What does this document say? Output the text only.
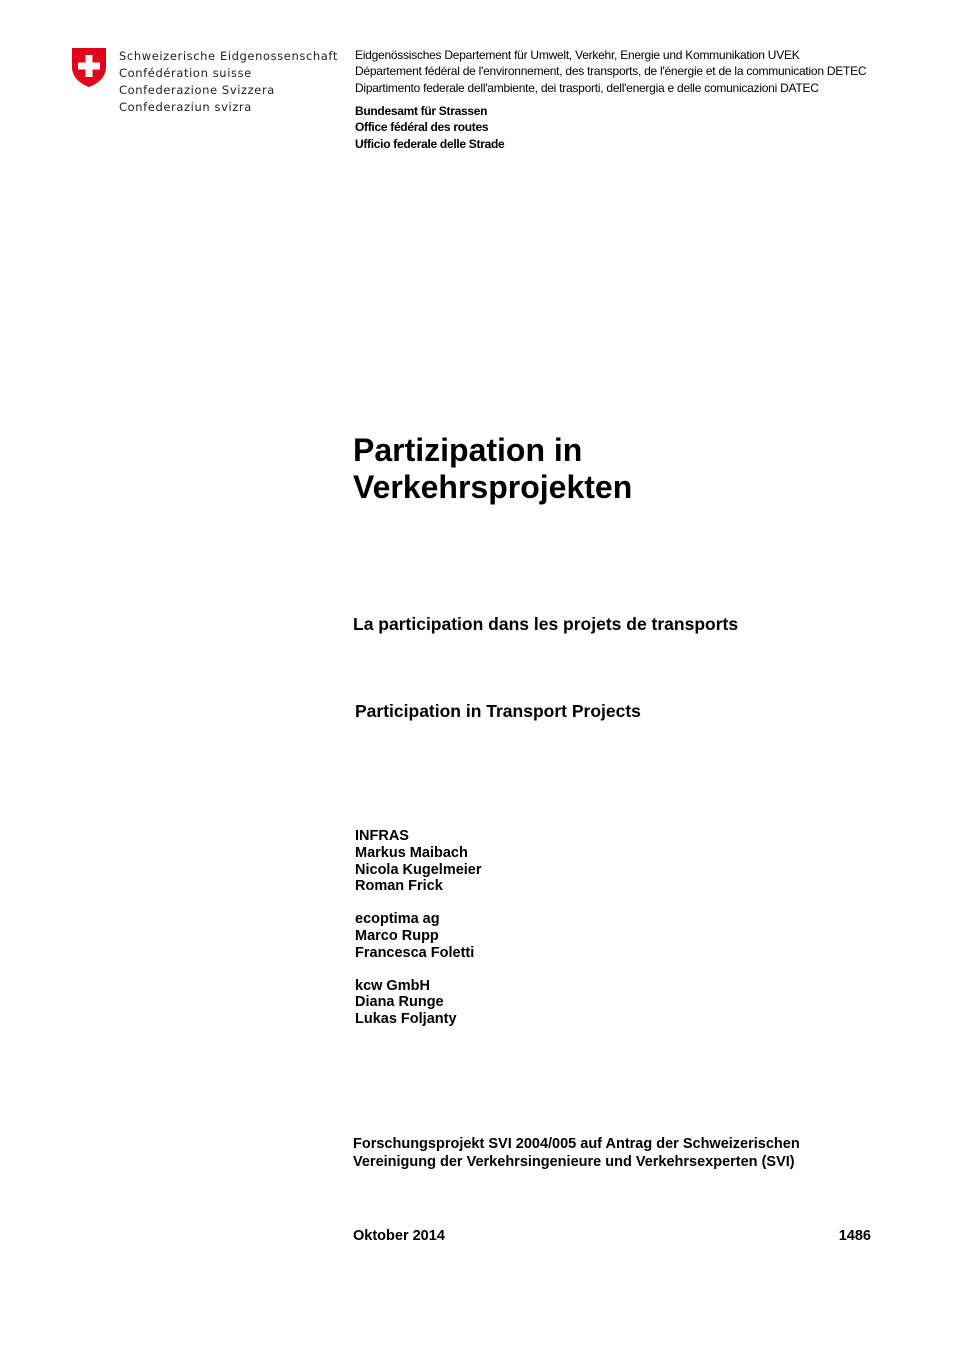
Schweizerische Eidgenossenschaft
Confédération suisse
Confederazione Svizzera
Confederaziun svizra
Eidgenössisches Departement für Umwelt, Verkehr, Energie und Kommunikation UVEK
Département fédéral de l'environnement, des transports, de l'énergie et de la communication DETEC
Dipartimento federale dell'ambiente, dei trasporti, dell'energia e delle comunicazioni DATEC
Bundesamt für Strassen
Office fédéral des routes
Ufficio federale delle Strade
Partizipation in
Verkehrsprojekten
La participation dans les projets de transports
Participation in Transport Projects
INFRAS
Markus Maibach
Nicola Kugelmeier
Roman Frick
ecoptima ag
Marco Rupp
Francesca Foletti
kcw GmbH
Diana Runge
Lukas Foljanty
Forschungsprojekt SVI 2004/005 auf Antrag der Schweizerischen
Vereinigung der Verkehrsingenieure und Verkehrsexperten (SVI)
Oktober 2014	1486
